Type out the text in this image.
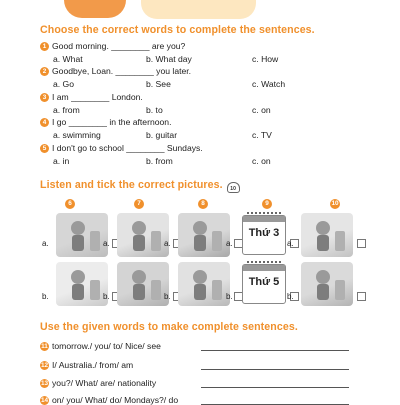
Choose the correct words to complete the sentences.
1 Good morning. ________ are you?
a. What	b. What day	c. How
2 Goodbye, Loan. ________ you later.
a. Go	b. See	c. Watch
3 I am ________ London.
a. from	b. to	c. on
4 I go ________ in the afternoon.
a. swimming	b. guitar	c. TV
5 I don't go to school ________ Sundays.
a. in	b. from	c. on
Listen and tick the correct pictures. 10
6
a.
b.
7
a.
b.
8
a.
b.
9
a.
Thứ 3
b.
Thứ 5
10
a.
b.
Use the given words to make complete sentences.
11 tomorrow./ you/ to/ Nice/ see
12 I/ Australia./ from/ am
13 you?/ What/ are/ nationality
14 on/ you/ What/ do/ Mondays?/ do
